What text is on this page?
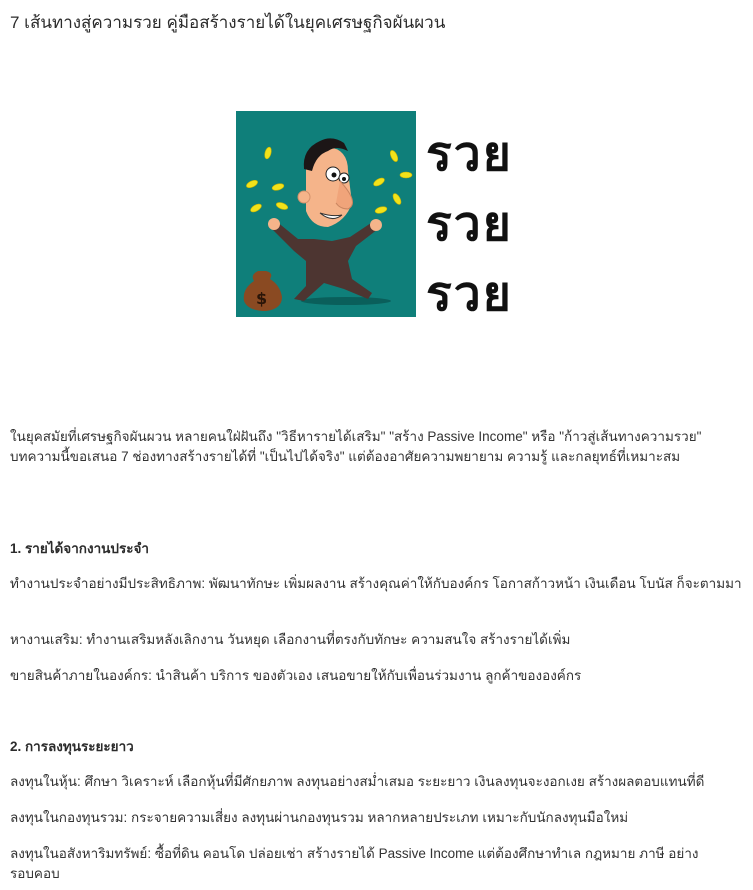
7 เส้นทางสู่ความรวย คู่มือสร้างรายได้ในยุคเศรษฐกิจผันผวน
$
รวย
รวย
รวย

ในยุคสมัยที่เศรษฐกิจผันผวน หลายคนใฝ่ฝันถึง "วิธีหารายได้เสริม" "สร้าง Passive Income" หรือ "ก้าวสู่เส้นทางความรวย" บทความนี้ขอเสนอ 7 ช่องทางสร้างรายได้ที่ "เป็นไปได้จริง" แต่ต้องอาศัยความพยายาม ความรู้ และกลยุทธ์ที่เหมาะสม

1. รายได้จากงานประจำ

ทำงานประจำอย่างมีประสิทธิภาพ: พัฒนาทักษะ เพิ่มผลงาน สร้างคุณค่าให้กับองค์กร โอกาสก้าวหน้า เงินเดือน โบนัส ก็จะตามมา

หางานเสริม: ทำงานเสริมหลังเลิกงาน วันหยุด เลือกงานที่ตรงกับทักษะ ความสนใจ สร้างรายได้เพิ่ม

ขายสินค้าภายในองค์กร: นำสินค้า บริการ ของตัวเอง เสนอขายให้กับเพื่อนร่วมงาน ลูกค้าขององค์กร

2. การลงทุนระยะยาว

ลงทุนในหุ้น: ศึกษา วิเคราะห์ เลือกหุ้นที่มีศักยภาพ ลงทุนอย่างสม่ำเสมอ ระยะยาว เงินลงทุนจะงอกเงย สร้างผลตอบแทนที่ดี

ลงทุนในกองทุนรวม: กระจายความเสี่ยง ลงทุนผ่านกองทุนรวม หลากหลายประเภท เหมาะกับนักลงทุนมือใหม่

ลงทุนในอสังหาริมทรัพย์: ซื้อที่ดิน คอนโด ปล่อยเช่า สร้างรายได้ Passive Income แต่ต้องศึกษาทำเล กฎหมาย ภาษี อย่างรอบคอบ
